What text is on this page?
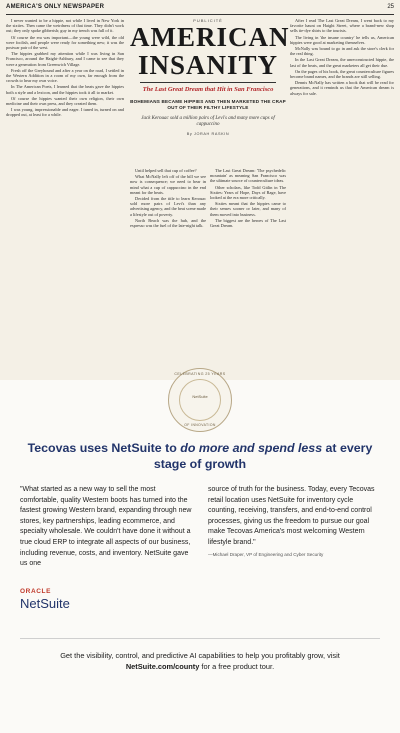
AMERICA'S ONLY NEWSPAPER	25

I never wanted to be a hippie, not while I lived in New York in the sixties. Then came the weirdness of that time. They didn't work out; they only spoke gibberish; guy in my trench was full of it.

Of course the era was important—the young were wild, the old were foolish, and people were ready for something new; it was the postwar pair of the west.

The hippies grabbed my attention while I was living in San Francisco, around the Haight-Ashbury, and I came to see that they were a generation from Greenwich Village.

Fresh off the Greyhound and after a year on the road, I settled in the Western Addition in a room of my own, far enough from the crowds to hear my own voice.

In The American Poets, I learned that the beats gave the hippies both a style and a lexicon, and the hippies took it all to market.

Of course the hippies wanted their own religion, their own medicine and their own press, and they created them.

I was young, impressionable and eager. I tuned in, turned on and dropped out, at least for a while.

PUBLICITÉ
AMERICAN
INSANITY
The Last Great Dream that Hit in San Francisco
BOHEMIANS BECAME HIPPIES AND THEN MARKETED THE CRAP OUT OF THEIR FILTHY LIFESTYLE
Jack Kerouac sold a million pairs of Levi's and many more cups of cappuccino
By JORAH RASKIN

Until helped sell that cup of coffee?

What McNally left off of the bill we see now is consequence; we need to bear in mind what a cup of cappuccino in the end meant for the beats.

Decided from the title to learn Kerouac sold more pairs of Levi's than any advertising agency, and the beat scene made a lifestyle out of poverty.

North Beach was the hub, and the espresso was the fuel of the late-night talk.

The Last Great Dream: 'The psychedelic mountain' as meaning San Francisco was the ultimate source of counterculture ideas.

Other scholars, like Todd Gitlin in The Sixties: Years of Hope, Days of Rage, have looked at the era more critically.

Sixties meant that the hippies came to their senses sooner or later, and many of them moved into business.

The biggest are the heroes of The Last Great Dream.

After I read The Last Great Dream, I went back to my favorite haunt on Haight Street, where a brand-new shop sells tie-dye shirts to the tourists.

The living in 'the insane country' he tells us, American hippies were good at marketing themselves.

McNally was bound to go in and ask the store's clerk for the real thing.

In the Last Great Dream, the unreconstructed hippie, the last of the beats, and the great marketers all get their due.

On the pages of his book, the great counterculture figures become brand names, and the brands are still selling.

Dennis McNally has written a book that will be read for generations, and it reminds us that the American dream is always for sale.

CELEBRATING 25 YEARS
NetSuite
OF INNOVATION
Tecovas uses NetSuite to do more and spend less at every stage of growth
"What started as a new way to sell the most comfortable, quality Western boots has turned into the fastest growing Western brand, expanding through new stores, key partnerships, leading ecommerce, and specialty wholesale. We couldn't have done it without a true cloud ERP to integrate all aspects of our business, including revenue, costs, and inventory. NetSuite gave us one
source of truth for the business. Today, every Tecovas retail location uses NetSuite for inventory cycle counting, receiving, transfers, and end-to-end control processes, giving us the freedom to pursue our goal make Tecovas America's most welcoming Western lifestyle brand."
—Michael Draper, VP of Engineering and Cyber Security
ORACLE
NetSuite
Get the visibility, control, and predictive AI capabilities to help you profitably grow, visit NetSuite.com/county for a free product tour.
